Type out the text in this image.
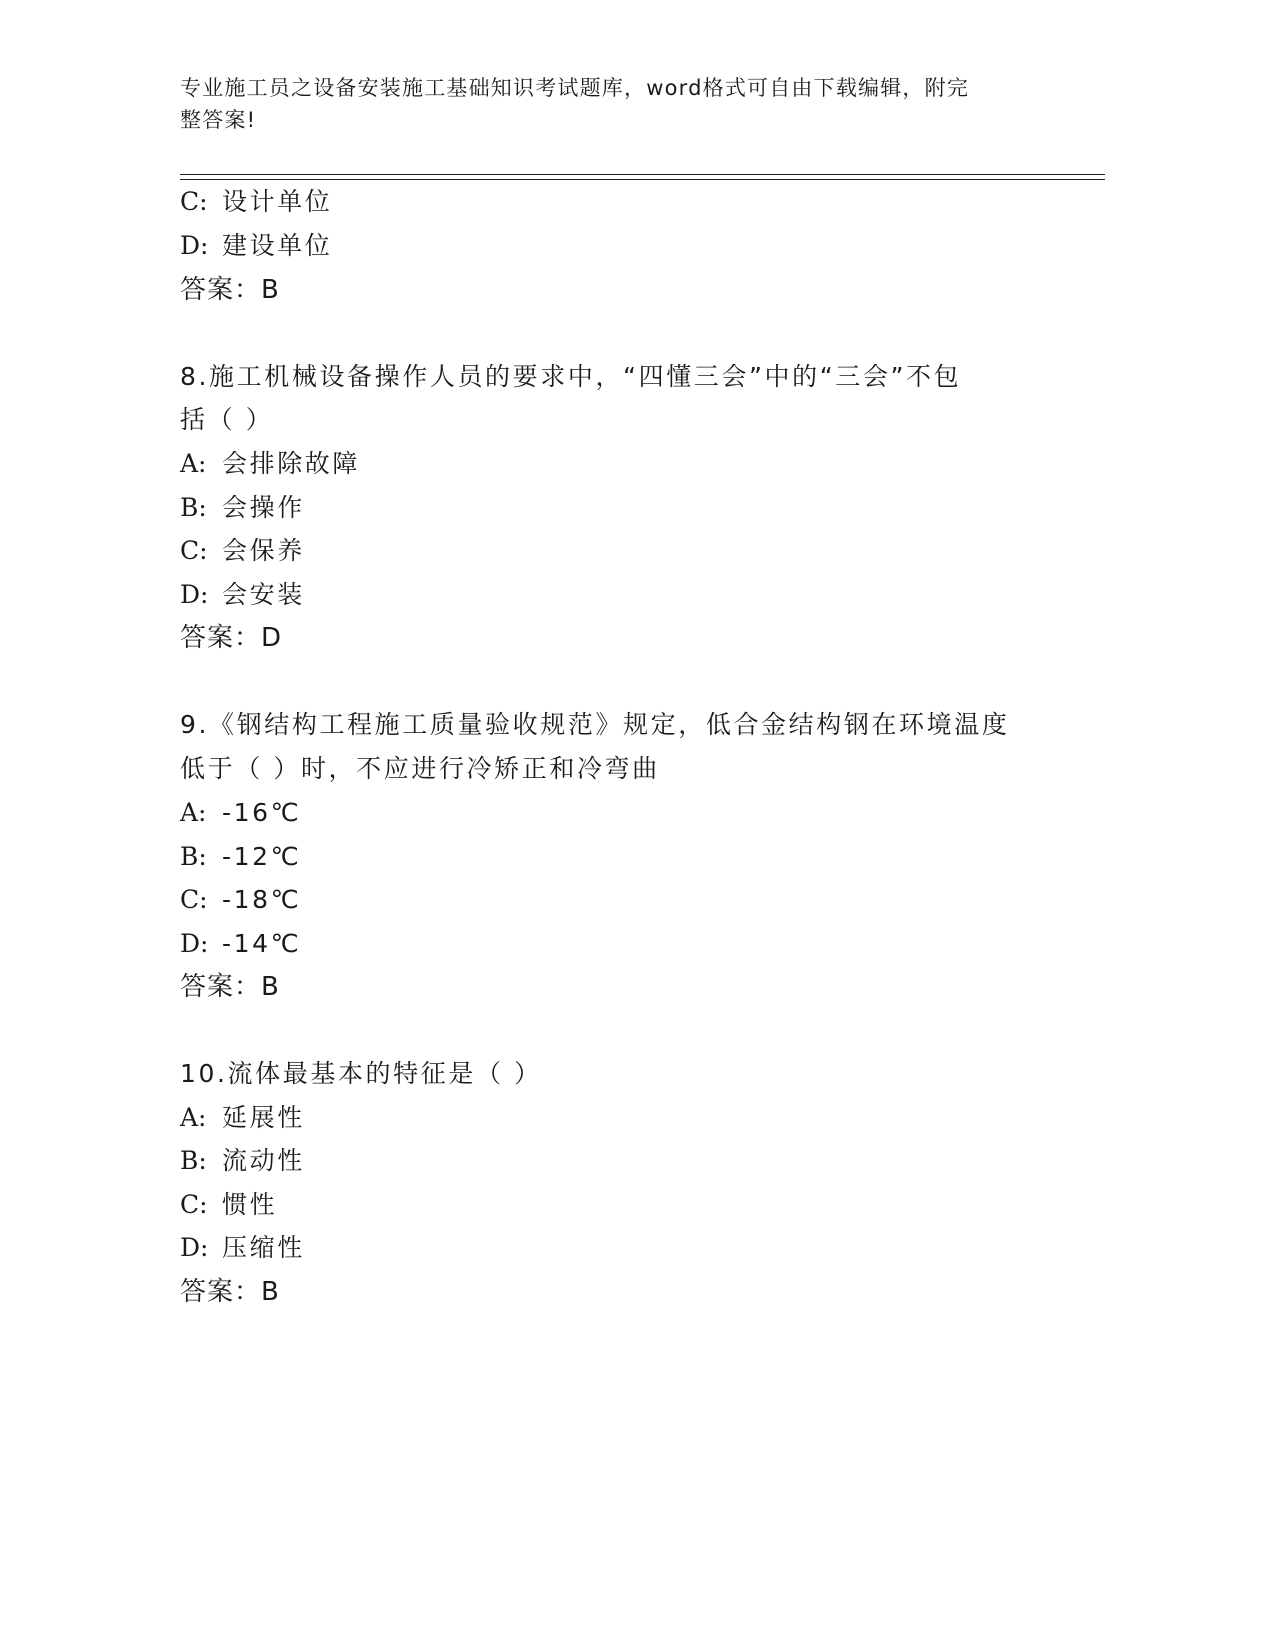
专业施工员之设备安装施工基础知识考试题库，word格式可自由下载编辑，附完
整答案!
C: 设计单位
D: 建设单位
答案：B
8.施工机械设备操作人员的要求中，“四懂三会”中的“三会”不包
括（ ）
A: 会排除故障
B: 会操作
C: 会保养
D: 会安装
答案：D
9.《钢结构工程施工质量验收规范》规定，低合金结构钢在环境温度
低于（ ）时，不应进行冷矫正和冷弯曲
A: -16℃
B: -12℃
C: -18℃
D: -14℃
答案：B
10.流体最基本的特征是（ ）
A: 延展性
B: 流动性
C: 惯性
D: 压缩性
答案：B
